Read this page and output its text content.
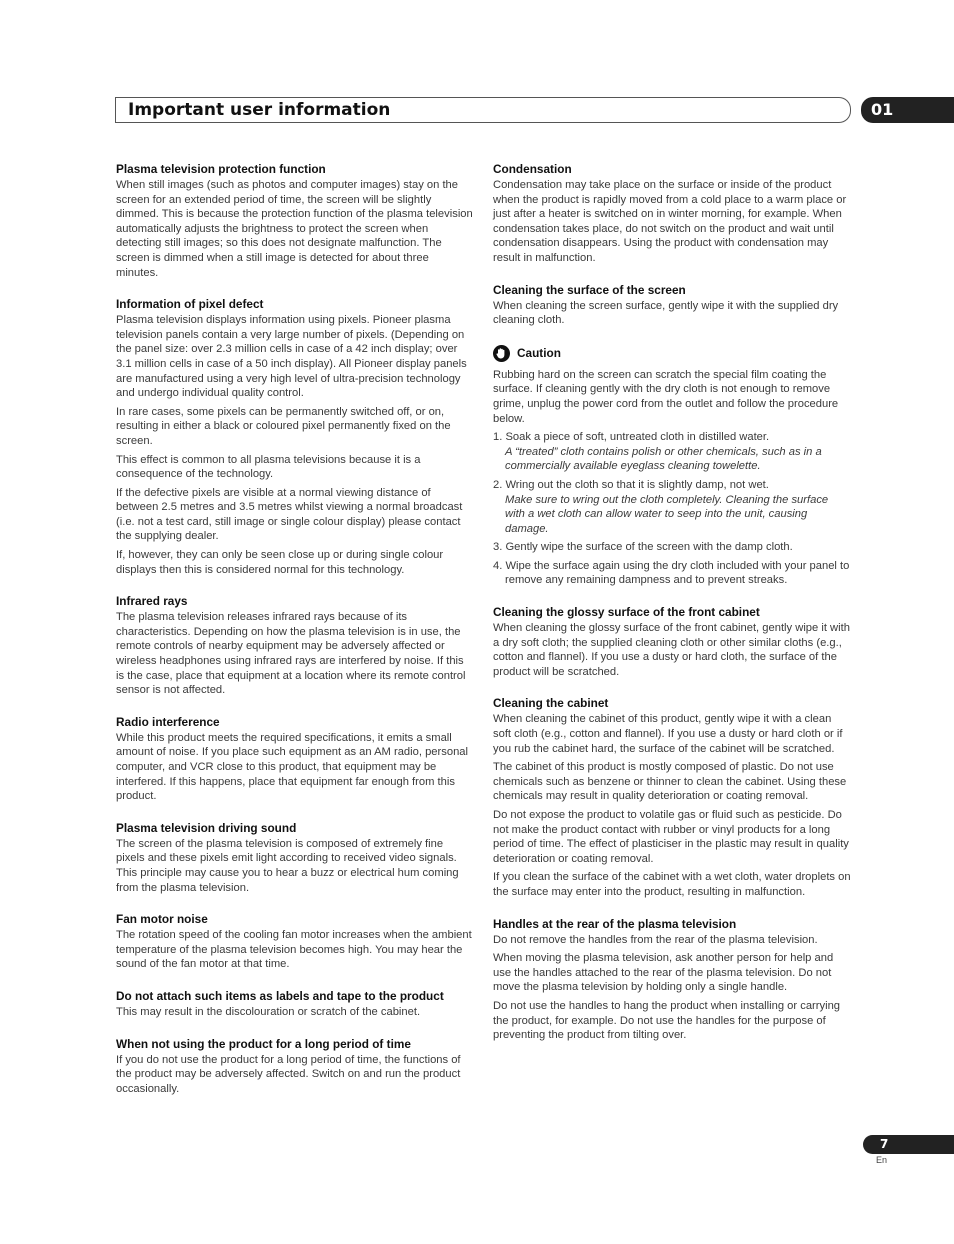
Important user information	01
Plasma television protection function

When still images (such as photos and computer images) stay on the screen for an extended period of time, the screen will be slightly dimmed. This is because the protection function of the plasma television automatically adjusts the brightness to protect the screen when detecting still images; so this does not designate malfunction. The screen is dimmed when a still image is detected for about three minutes.

Information of pixel defect

Plasma television displays information using pixels. Pioneer plasma television panels contain a very large number of pixels. (Depending on the panel size: over 2.3 million cells in case of a 42 inch display; over 3.1 million cells in case of a 50 inch display). All Pioneer display panels are manufactured using a very high level of ultra-precision technology and undergo individual quality control.

In rare cases, some pixels can be permanently switched off, or on, resulting in either a black or coloured pixel permanently fixed on the screen.

This effect is common to all plasma televisions because it is a consequence of the technology.

If the defective pixels are visible at a normal viewing distance of between 2.5 metres and 3.5 metres whilst viewing a normal broadcast (i.e. not a test card, still image or single colour display) please contact the supplying dealer.

If, however, they can only be seen close up or during single colour displays then this is considered normal for this technology.

Infrared rays

The plasma television releases infrared rays because of its characteristics. Depending on how the plasma television is in use, the remote controls of nearby equipment may be adversely affected or wireless headphones using infrared rays are interfered by noise. If this is the case, place that equipment at a location where its remote control sensor is not affected.

Radio interference

While this product meets the required specifications, it emits a small amount of noise. If you place such equipment as an AM radio, personal computer, and VCR close to this product, that equipment may be interfered. If this happens, place that equipment far enough from this product.

Plasma television driving sound

The screen of the plasma television is composed of extremely fine pixels and these pixels emit light according to received video signals. This principle may cause you to hear a buzz or electrical hum coming from the plasma television.

Fan motor noise

The rotation speed of the cooling fan motor increases when the ambient temperature of the plasma television becomes high. You may hear the sound of the fan motor at that time.

Do not attach such items as labels and tape to the product

This may result in the discolouration or scratch of the cabinet.

When not using the product for a long period of time

If you do not use the product for a long period of time, the functions of the product may be adversely affected. Switch on and run the product occasionally.

Condensation

Condensation may take place on the surface or inside of the product when the product is rapidly moved from a cold place to a warm place or just after a heater is switched on in winter morning, for example. When condensation takes place, do not switch on the product and wait until condensation disappears. Using the product with condensation may result in malfunction.

Cleaning the surface of the screen

When cleaning the screen surface, gently wipe it with the supplied dry cleaning cloth.

Caution

Rubbing hard on the screen can scratch the special film coating the surface. If cleaning gently with the dry cloth is not enough to remove grime, unplug the power cord from the outlet and follow the procedure below.

1. Soak a piece of soft, untreated cloth in distilled water.
A “treated” cloth contains polish or other chemicals, such as in a commercially available eyeglass cleaning towelette.
2. Wring out the cloth so that it is slightly damp, not wet.
Make sure to wring out the cloth completely. Cleaning the surface with a wet cloth can allow water to seep into the unit, causing damage.
3. Gently wipe the surface of the screen with the damp cloth.
4. Wipe the surface again using the dry cloth included with your panel to remove any remaining dampness and to prevent streaks.
Cleaning the glossy surface of the front cabinet

When cleaning the glossy surface of the front cabinet, gently wipe it with a dry soft cloth; the supplied cleaning cloth or other similar cloths (e.g., cotton and flannel). If you use a dusty or hard cloth, the surface of the product will be scratched.

Cleaning the cabinet

When cleaning the cabinet of this product, gently wipe it with a clean soft cloth (e.g., cotton and flannel). If you use a dusty or hard cloth or if you rub the cabinet hard, the surface of the cabinet will be scratched.

The cabinet of this product is mostly composed of plastic. Do not use chemicals such as benzene or thinner to clean the cabinet. Using these chemicals may result in quality deterioration or coating removal.

Do not expose the product to volatile gas or fluid such as pesticide. Do not make the product contact with rubber or vinyl products for a long period of time. The effect of plasticiser in the plastic may result in quality deterioration or coating removal.

If you clean the surface of the cabinet with a wet cloth, water droplets on the surface may enter into the product, resulting in malfunction.

Handles at the rear of the plasma television

Do not remove the handles from the rear of the plasma television.

When moving the plasma television, ask another person for help and use the handles attached to the rear of the plasma television. Do not move the plasma television by holding only a single handle.

Do not use the handles to hang the product when installing or carrying the product, for example. Do not use the handles for the purpose of preventing the product from tilting over.

7
En
